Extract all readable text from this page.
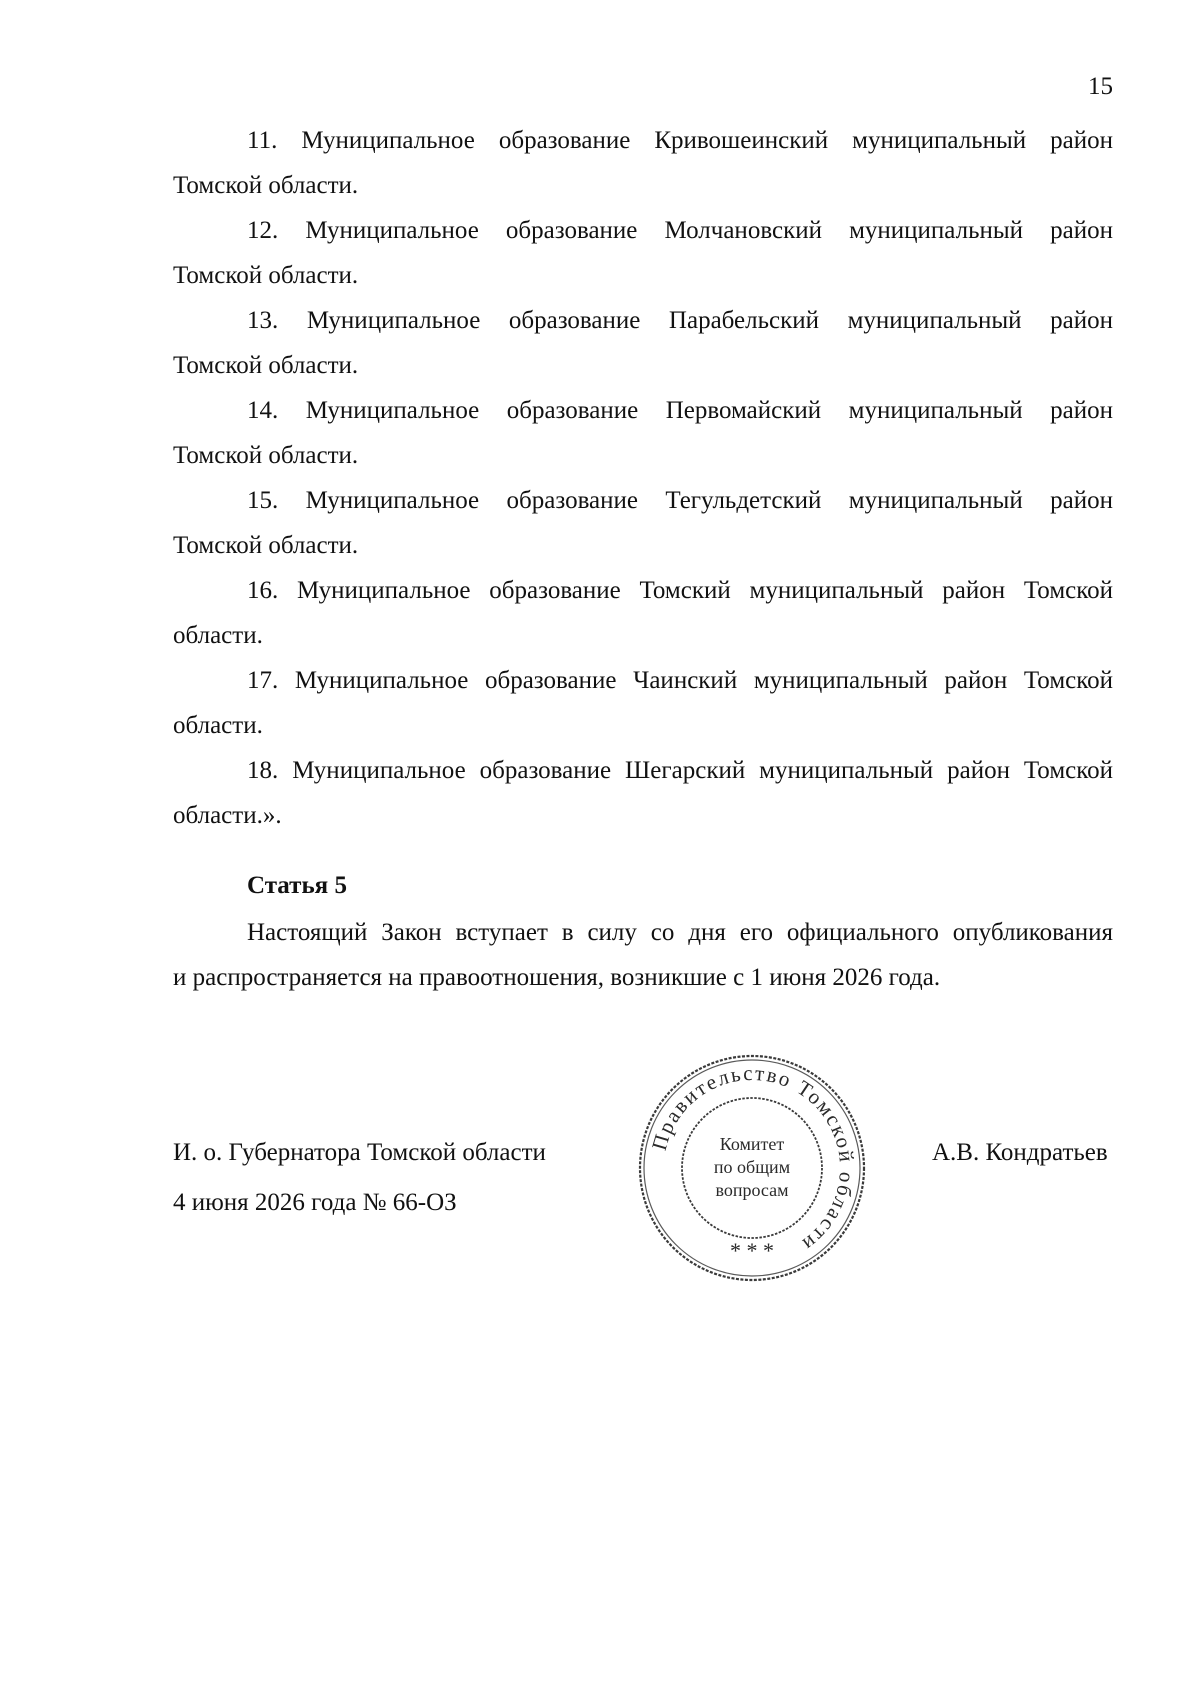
15

11. Муниципальное образование Кривошеинский муниципальный район
Томской области.

12. Муниципальное образование Молчановский муниципальный район
Томской области.

13. Муниципальное образование Парабельский муниципальный район
Томской области.

14. Муниципальное образование Первомайский муниципальный район
Томской области.

15. Муниципальное образование Тегульдетский муниципальный район
Томской области.

16. Муниципальное образование Томский муниципальный район Томской
области.

17. Муниципальное образование Чаинский муниципальный район Томской
области.

18. Муниципальное образование Шегарский муниципальный район Томской
области.».

Статья 5
Настоящий Закон вступает в силу со дня его официального опубликования
и распространяется на правоотношения, возникшие с 1 июня 2026 года.
И. о. Губернатора Томской области
4 июня 2026 года № 66-ОЗ
Правительство Томской области
Комитет
по общим
вопросам
* * *
А.В. Кондратьев
